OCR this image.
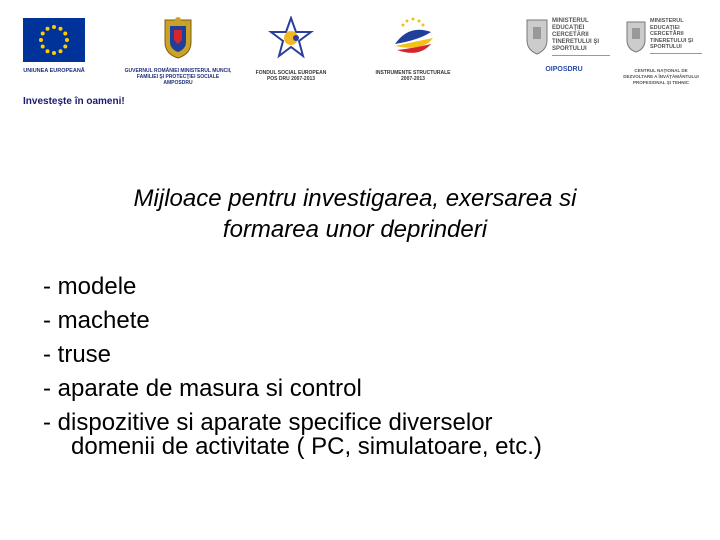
UNIUNEA EUROPEANĂ	GUVERNUL ROMÂNIEI MINISTERUL MUNCII, FAMILIEI ŞI PROTECŢIEI SOCIALE AMPOSDRU
FONDUL SOCIAL EUROPEAN POS DRU 2007-2013
INSTRUMENTE STRUCTURALE 2007-2013
MINISTERUL EDUCAŢIEI CERCETĂRII TINERETULUI ŞI SPORTULUI
OIPOSDRU
MINISTERUL EDUCAŢIEI CERCETĂRII TINERETULUI ŞI SPORTULUI
CENTRUL NAŢIONAL DE DEZVOLTARE A ÎNVĂŢĂMÂNTULUI PROFESIONAL ŞI TEHNIC
Investeşte în oameni!
Mijloace pentru investigarea, exersarea si
formarea unor deprinderi
- modele
- machete
- truse
- aparate de masura si control
- dispozitive si aparate specifice diverselor
domenii de activitate ( PC, simulatoare, etc.)
